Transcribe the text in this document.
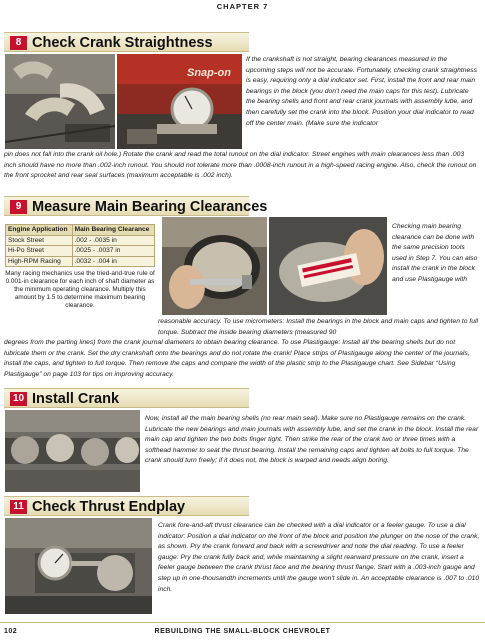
CHAPTER 7
8 Check Crank Straightness
Snap-on
If the crankshaft is not straight, bearing clearances measured in the upcoming steps will not be accurate. Fortunately, checking crank straightness is easy, requiring only a dial indicator set. First, install the front and rear main bearings in the block (you don't need the main caps for this test). Lubricate the bearing shells and front and rear crank journals with assembly lube, and then carefully set the crank into the block. Position your dial indicator to read off the center main. (Make sure the indicator
pin does not fall into the crank oil hole.) Rotate the crank and read the total runout on the dial indicator. Street engines with main clearances less than .003 inch should have no more than .002-inch runout. You should not tolerate more than .0008-inch runout in a high-speed racing engine. Also, check the runout on the front sprocket and rear seal surfaces (maximum acceptable is .002 inch).
9 Measure Main Bearing Clearances
Engine Application	Main Bearing Clearance
Stock Street	.002 - .0035 in
Hi-Po Street	.0025 - .0037 in
High-RPM Racing	.0032 - .004 in
Many racing mechanics use the tried-and-true rule of 0.001-in clearance for each inch of shaft diameter as the minimum operating clearance. Multiply this amount by 1.5 to determine maximum bearing clearance.
Checking main bearing clearance can be done with the same precision tools used in Step 7. You can also install the crank in the block and use Plastigauge with
reasonable accuracy. To use micrometers: Install the bearings in the block and main caps and tighten to full torque. Subtract the inside bearing diameters (measured 90
degrees from the parting lines) from the crank journal diameters to obtain bearing clearance. To use Plastigauge: Install all the bearing shells but do not lubricate them or the crank. Set the dry crankshaft onto the bearings and do not rotate the crank! Place strips of Plastigauge along the center of the journals, install the caps, and tighten to full torque. Then remove the caps and compare the width of the plastic strip to the Plastigauge chart. See Sidebar “Using Plastigauge” on page 103 for tips on improving accuracy.
10 Install Crank
Now, install all the main bearing shells (no rear main seal). Make sure no Plastigauge remains on the crank. Lubricate the new bearings and main journals with assembly lube, and set the crank in the block. Install the rear main cap and tighten the two bolts finger tight. Then strike the rear of the crank two or three times with a softhead hammer to seat the thrust bearing. Install the remaining caps and tighten all bolts to full torque. The crank should turn freely; if it does not, the block is warped and needs align boring.
11 Check Thrust Endplay
Crank fore-and-aft thrust clearance can be checked with a dial indicator or a feeler gauge. To use a dial indicator: Position a dial indicator on the front of the block and position the plunger on the nose of the crank, as shown. Pry the crank forward and back with a screwdriver and note the dial reading. To use a feeler gauge: Pry the crank fully back and, while maintaining a slight rearward pressure on the crank, insert a feeler gauge between the crank thrust face and the bearing thrust flange. Start with a .003-inch gauge and step up in one-thousandth increments until the gauge won't slide in. An acceptable clearance is .007 to .010 inch.
102	REBUILDING THE SMALL-BLOCK CHEVROLET
